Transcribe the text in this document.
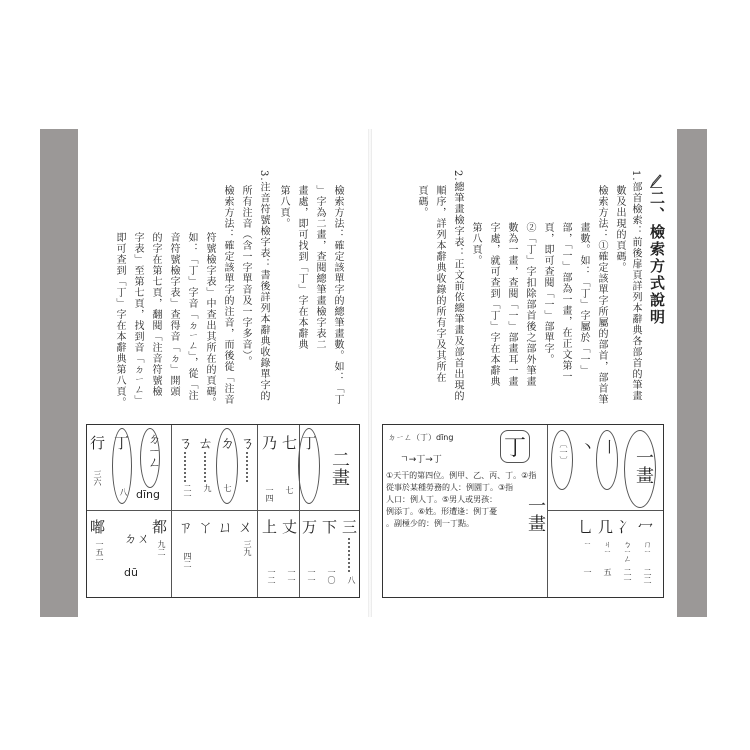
二、檢索方式說明
1.部首檢索：前後扉頁詳列本辭典各部首的筆畫
數及出現的頁碼。
檢索方法：①確定該單字所屬的部首，部首筆
畫數。如：「丁」字屬於「一」
部，「一」部為一畫，在正文第一
頁，即可查閱「一」部單字。
②「丁」字扣除部首後之部外筆畫
數為一畫，查閱「一」部畫耳一畫
字處，就可查到「丁」字在本辭典
第八頁。
2.總筆畫檢字表：正文前依總筆畫及部首出現的
順序，詳列本辭典收錄的所有字及其所在
頁碼。
檢索方法：確定該單字的總筆畫數。如：「丁
」字為二畫，查閱總筆畫檢字表二
畫處，即可找到「丁」字在本辭典
第八頁。
3.注音符號檢字表：書後詳列本辭典收錄單字的
所有注音（含一字單音及一字多音）。
檢索方法：確定該單字的注音，而後從「注音
符號檢字表」中查出其所在的頁碼。
如：「丁」字音「ㄉㄧㄥ」，從「注
音符號檢字表」查得音「ㄉ」開頭
的字在第七頁，翻閱「注音符號檢
字表」至第七頁，找到音「ㄉㄧㄥ」
即可查到「丁」字在本辭典第八頁。
行 丁 ㄉㄧㄥ
dīng
三六
八
ㄋ ㄊ ㄉ ㄋ
二一 九 七
乃 七 丁
二畫
一四 七
嘟
一五一
都
ㄉㄨ
dū
九二
ㄗ ㄚ ㄩ ㄨ
四二
三九
上 丈 万 下 三
一二 一一 一一 一〇 八
一畫
丨
丶
〔一〕
冖
冫
几
乚
ㄇㄧ
ㄅㄧㄥ
ㄐㄧ
ㄧ
二二
二一
五
一
一畫
丁
ㄉㄧㄥ（丁）dīng
ㄱ→丁→丁
①天干的第四位。例甲、乙、丙、丁。②指
從事於某種勞務的人：例園丁。③指
人口：例人丁。⑤男人或男孩：
例添丁。⑥姓。形遭逢：例丁憂
。副極少的：例一丁點。
